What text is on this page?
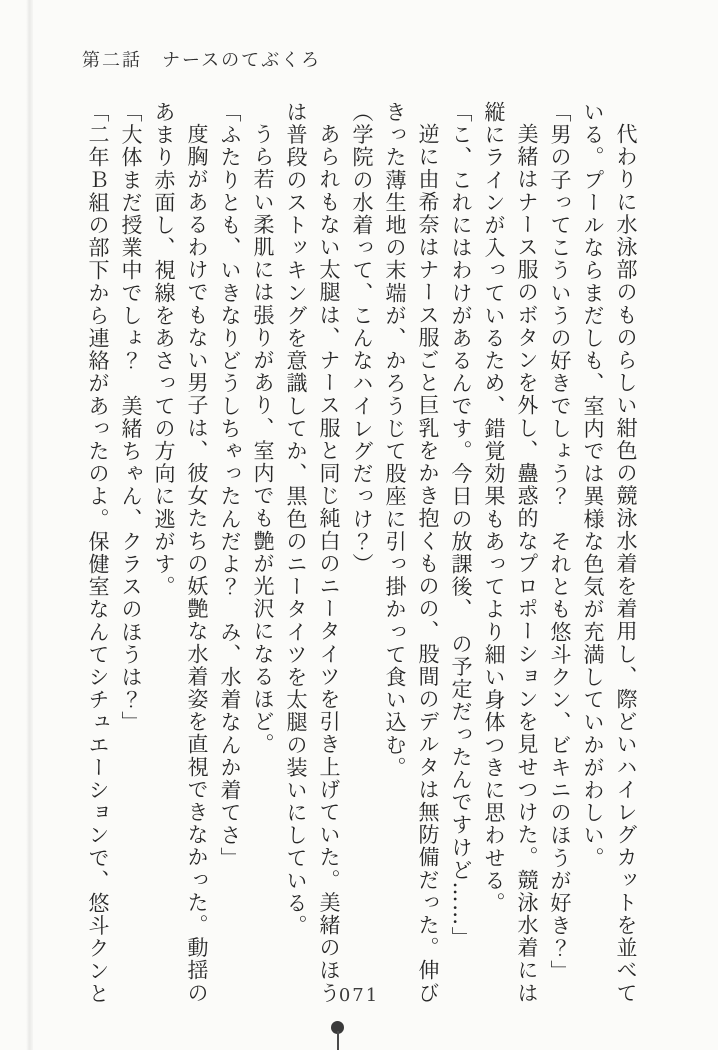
第二話　ナースのてぶくろ
代わりに水泳部のものらしい紺色の競泳水着を着用し、際どいハイレグカットを並べて
いる。プールならまだしも、室内では異様な色気が充満していかがわしい。
「男の子ってこういうの好きでしょう？　それとも悠斗クン、ビキニのほうが好き？」
美緒はナース服のボタンを外し、蠱惑的なプロポーションを見せつけた。競泳水着には
縦にラインが入っているため、錯覚効果もあってより細い身体つきに思わせる。
「こ、これにはわけがあるんです。今日の放課後、　の予定だったんですけど……」
逆に由希奈はナース服ごと巨乳をかき抱くものの、股間のデルタは無防備だった。伸び
きった薄生地の末端が、かろうじて股座に引っ掛かって食い込む。
（学院の水着って、こんなハイレグだっけ？）
あられもない太腿は、ナース服と同じ純白のニータイツを引き上げていた。美緒のほう
は普段のストッキングを意識してか、黒色のニータイツを太腿の装いにしている。
うら若い柔肌には張りがあり、室内でも艶が光沢になるほど。
「ふたりとも、いきなりどうしちゃったんだよ？　み、水着なんか着てさ」
度胸があるわけでもない男子は、彼女たちの妖艶な水着姿を直視できなかった。動揺の
あまり赤面し、視線をあさっての方向に逃がす。
「大体まだ授業中でしょ？　美緒ちゃん、クラスのほうは？」
「二年Ｂ組の部下から連絡があったのよ。保健室なんてシチュエーションで、悠斗クンと	071
